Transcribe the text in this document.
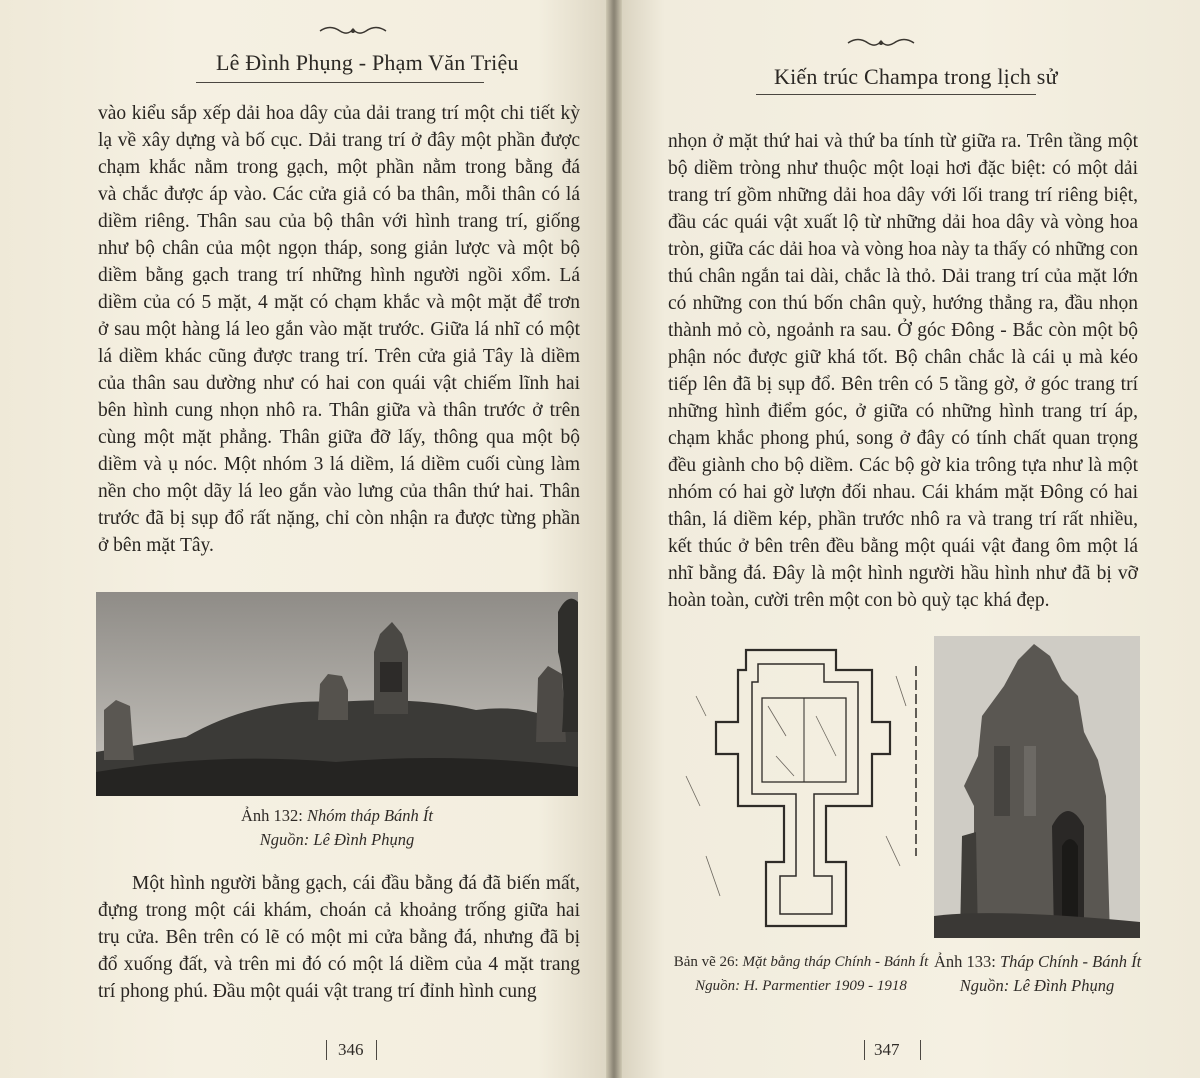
Lê Đình Phụng - Phạm Văn Triệu
vào kiểu sắp xếp dải hoa dây của dải trang trí một chi tiết kỳ
lạ về xây dựng và bố cục. Dải trang trí ở đây một phần được
chạm khắc nằm trong gạch, một phần nằm trong bằng đá
và chắc được áp vào. Các cửa giả có ba thân, mỗi thân có lá
diềm riêng. Thân sau của bộ thân với hình trang trí, giống
như bộ chân của một ngọn tháp, song giản lược và một bộ
diềm bằng gạch trang trí những hình người ngồi xổm. Lá
diềm của có 5 mặt, 4 mặt có chạm khắc và một mặt để trơn
ở sau một hàng lá leo gắn vào mặt trước. Giữa lá nhĩ có một
lá diềm khác cũng được trang trí. Trên cửa giả Tây là diềm
của thân sau dường như có hai con quái vật chiếm lĩnh hai
bên hình cung nhọn nhô ra. Thân giữa và thân trước ở trên
cùng một mặt phẳng. Thân giữa đỡ lấy, thông qua một bộ
diềm và ụ nóc. Một nhóm 3 lá diềm, lá diềm cuối cùng làm
nền cho một dãy lá leo gắn vào lưng của thân thứ hai. Thân
trước đã bị sụp đổ rất nặng, chỉ còn nhận ra được từng phần
ở bên mặt Tây.
Ảnh 132: Nhóm tháp Bánh Ít
Nguồn: Lê Đình Phụng
Một hình người bằng gạch, cái đầu bằng đá đã biến mất,
đựng trong một cái khám, choán cả khoảng trống giữa hai
trụ cửa. Bên trên có lẽ có một mi cửa bằng đá, nhưng đã bị
đổ xuống đất, và trên mi đó có một lá diềm của 4 mặt trang
trí phong phú. Đầu một quái vật trang trí đỉnh hình cung
346
Kiến trúc Champa trong lịch sử
nhọn ở mặt thứ hai và thứ ba tính từ giữa ra. Trên tầng một
bộ diềm tròng như thuộc một loại hơi đặc biệt: có một dải
trang trí gồm những dải hoa dây với lối trang trí riêng biệt,
đầu các quái vật xuất lộ từ những dải hoa dây và vòng hoa
tròn, giữa các dải hoa và vòng hoa này ta thấy có những con
thú chân ngắn tai dài, chắc là thỏ. Dải trang trí của mặt lớn
có những con thú bốn chân quỳ, hướng thẳng ra, đầu nhọn
thành mỏ cò, ngoảnh ra sau. Ở góc Đông - Bắc còn một bộ
phận nóc được giữ khá tốt. Bộ chân chắc là cái ụ mà kéo
tiếp lên đã bị sụp đổ. Bên trên có 5 tầng gờ, ở góc trang trí
những hình điểm góc, ở giữa có những hình trang trí áp,
chạm khắc phong phú, song ở đây có tính chất quan trọng
đều giành cho bộ diềm. Các bộ gờ kia trông tựa như là một
nhóm có hai gờ lượn đối nhau. Cái khám mặt Đông có hai
thân, lá diềm kép, phần trước nhô ra và trang trí rất nhiều,
kết thúc ở bên trên đều bằng một quái vật đang ôm một lá
nhĩ bằng đá. Đây là một hình người hầu hình như đã bị vỡ
hoàn toàn, cười trên một con bò quỳ tạc khá đẹp.
Bản vẽ 26: Mặt bằng tháp Chính - Bánh Ít
Nguồn: H. Parmentier 1909 - 1918
Ảnh 133: Tháp Chính - Bánh Ít
Nguồn: Lê Đình Phụng
347
